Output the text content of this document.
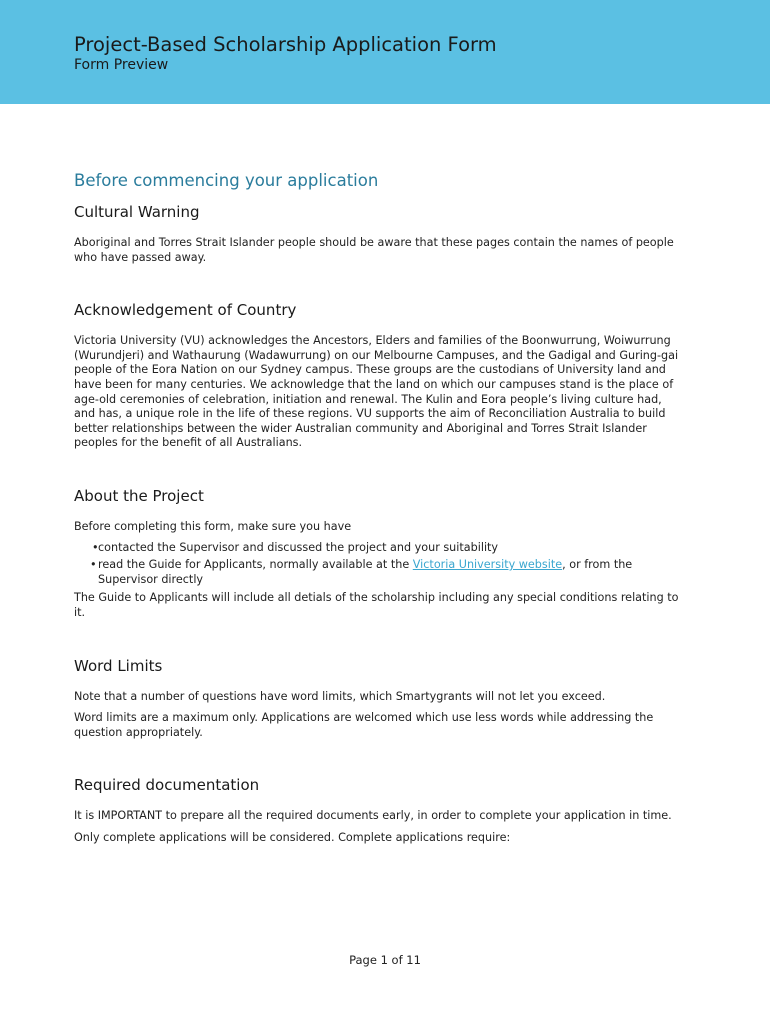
Project-Based Scholarship Application Form
Form Preview
Before commencing your application
Cultural Warning

Aboriginal and Torres Strait Islander people should be aware that these pages contain the names of people who have passed away.

Acknowledgement of Country

Victoria University (VU) acknowledges the Ancestors, Elders and families of the Boonwurrung, Woiwurrung (Wurundjeri) and Wathaurung (Wadawurrung) on our Melbourne Campuses, and the Gadigal and Guring-gai people of the Eora Nation on our Sydney campus. These groups are the custodians of University land and have been for many centuries. We acknowledge that the land on which our campuses stand is the place of age-old ceremonies of celebration, initiation and renewal. The Kulin and Eora people’s living culture had, and has, a unique role in the life of these regions. VU supports the aim of Reconciliation Australia to build better relationships between the wider Australian community and Aboriginal and Torres Strait Islander peoples for the benefit of all Australians.

About the Project

Before completing this form, make sure you have

• contacted the Supervisor and discussed the project and your suitability
• read the Guide for Applicants, normally available at the Victoria University website, or from the Supervisor directly

The Guide to Applicants will include all detials of the scholarship including any special conditions relating to it.

Word Limits

Note that a number of questions have word limits, which Smartygrants will not let you exceed.

Word limits are a maximum only. Applications are welcomed which use less words while addressing the question appropriately.

Required documentation

It is IMPORTANT to prepare all the required documents early, in order to complete your application in time.

Only complete applications will be considered. Complete applications require:

Page 1 of 11
